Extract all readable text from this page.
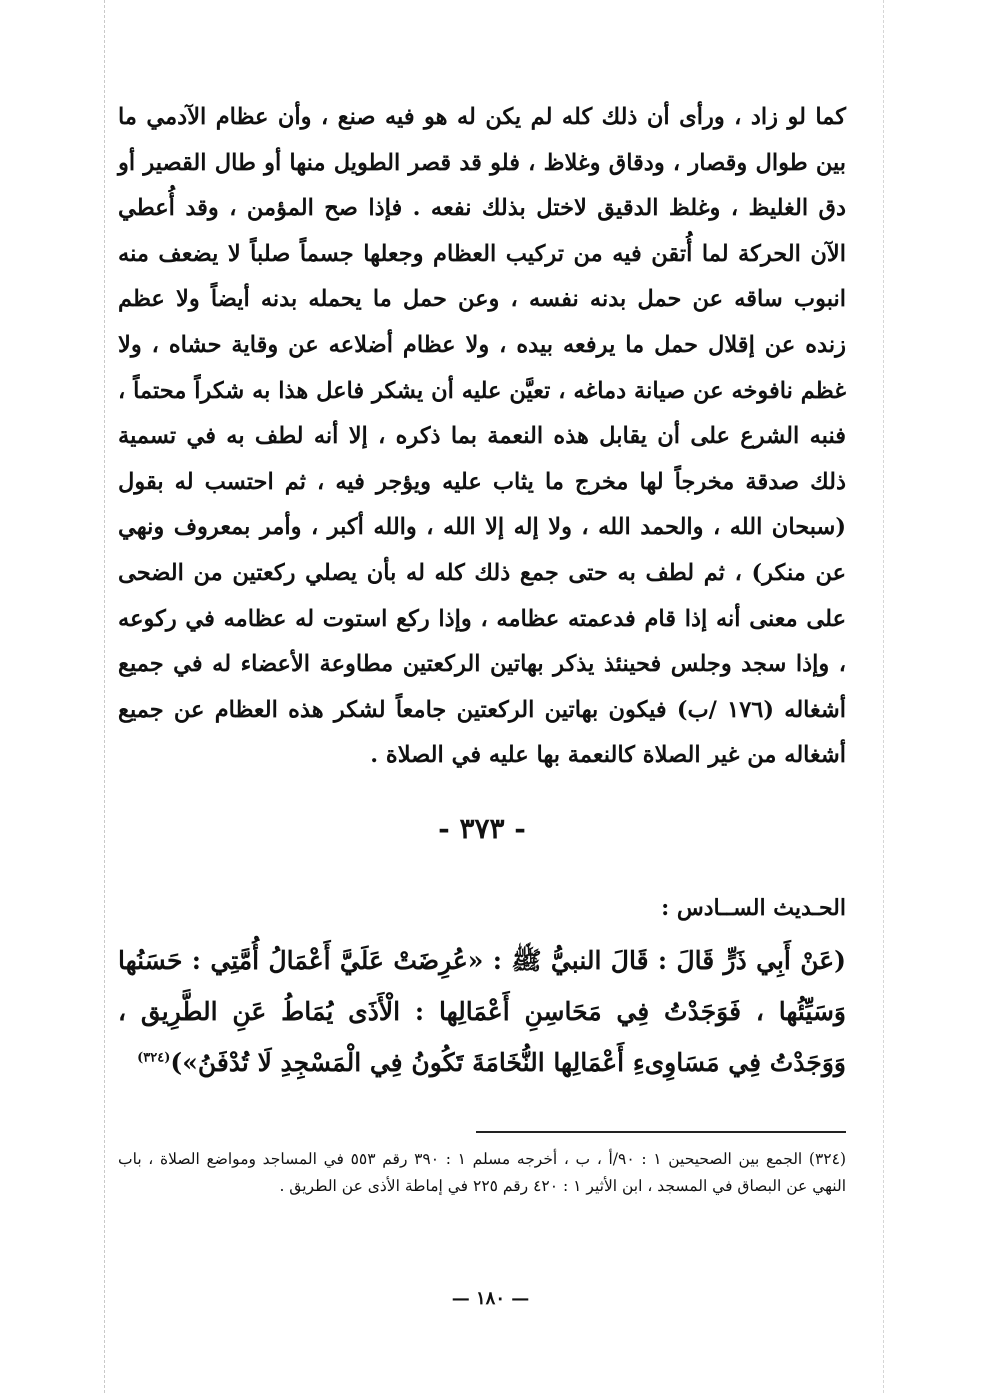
كما لو زاد ، ورأى أن ذلك كله لم يكن له هو فيه صنع ، وأن عظام الآدمي ما بين طوال وقصار ، ودقاق وغلاظ ، فلو قد قصر الطويل منها أو طال القصير أو دق الغليظ ، وغلظ الدقيق لاختل بذلك نفعه . فإذا صح المؤمن ، وقد أُعطي الآن الحركة لما أُتقن فيه من تركيب العظام وجعلها جسماً صلباً لا يضعف منه انبوب ساقه عن حمل بدنه نفسه ، وعن حمل ما يحمله بدنه أيضاً ولا عظم زنده عن إقلال حمل ما يرفعه بيده ، ولا عظام أضلاعه عن وقاية حشاه ، ولا غظم نافوخه عن صيانة دماغه ، تعيَّن عليه أن يشكر فاعل هذا به شكراً محتماً ، فنبه الشرع على أن يقابل هذه النعمة بما ذكره ، إلا أنه لطف به في تسمية ذلك صدقة مخرجاً لها مخرج ما يثاب عليه ويؤجر فيه ، ثم احتسب له بقول (سبحان الله ، والحمد الله ، ولا إله إلا الله ، والله أكبر ، وأمر بمعروف ونهي عن منكر) ، ثم لطف به حتى جمع ذلك كله له بأن يصلي ركعتين من الضحى على معنى أنه إذا قام فدعمته عظامه ، وإذا ركع استوت له عظامه في ركوعه ، وإذا سجد وجلس فحينئذ يذكر بهاتين الركعتين مطاوعة الأعضاء له في جميع أشغاله (١٧٦ /ب) فيكون بهاتين الركعتين جامعاً لشكر هذه العظام عن جميع أشغاله من غير الصلاة كالنعمة بها عليه في الصلاة .

- ٣٧٣ -
الحـديث الســادس :

(عَنْ أَبِي ذَرٍّ قَالَ : قَالَ النبيُّ ﷺ : «عُرِضَتْ عَلَيَّ أَعْمَالُ أُمَّتِي : حَسَنُها وَسَيِّئُها ، فَوَجَدْتُ فِي مَحَاسِنِ أَعْمَالِها : الْأَذَى يُمَاطُ عَنِ الطَّرِيق ، وَوَجَدْتُ فِي مَسَاوِىءِ أَعْمَالِها النُّخَامَةَ تَكُونُ فِي الْمَسْجِدِ لَا تُدْفَنُ»)$^{(٣٢٤)}$

(٣٢٤) الجمع بين الصحيحين ١ : ٩٠/أ ، ب ، أخرجه مسلم ١ : ٣٩٠ رقم ٥٥٣ في المساجد ومواضع الصلاة ، باب النهي عن البصاق في المسجد ، ابن الأثير ١ : ٤٢٠ رقم ٢٢٥ في إماطة الأذى عن الطريق .

— ١٨٠ —
